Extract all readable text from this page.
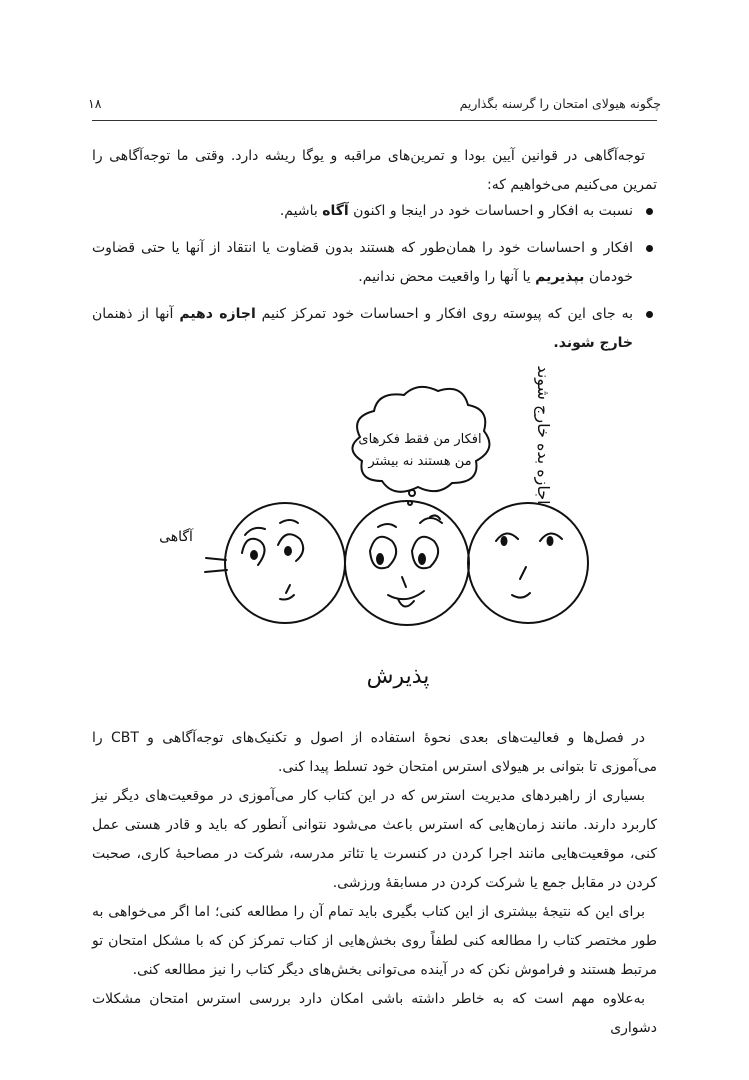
چگونه هیولای امتحان را گرسنه بگذاریم
۱۸

توجه‌آگاهی در قوانین آیین بودا و تمرین‌های مراقبه و یوگا ریشه دارد. وقتی ما توجه‌آگاهی را تمرین می‌کنیم می‌خواهیم که:

نسبت به افکار و احساسات خود در اینجا و اکنون آگاه باشیم.
افکار و احساسات خود را همان‌طور که هستند بدون قضاوت یا انتقاد از آنها یا حتی قضاوت خودمان بپذیریم یا آنها را واقعیت محض ندانیم.
به جای این که پیوسته روی افکار و احساسات خود تمرکز کنیم اجازه دهیم آنها از ذهنمان خارج شوند.
افکار من فقط فکرهای
من هستند نه بیشتر
آگاهی
اجازه بده خارج شوند
پذیرش

در فصل‌ها و فعالیت‌های بعدی نحوهٔ استفاده از اصول و تکنیک‌های توجه‌آگاهی و CBT را می‌آموزی تا بتوانی بر هیولای استرس امتحان خود تسلط پیدا کنی.

بسیاری از راهبردهای مدیریت استرس که در این کتاب کار می‌آموزی در موقعیت‌های دیگر نیز کاربرد دارند. مانند زمان‌هایی که استرس باعث می‌شود نتوانی آنطور که باید و قادر هستی عمل کنی، موقعیت‌هایی مانند اجرا کردن در کنسرت یا تئاتر مدرسه، شرکت در مصاحبهٔ کاری، صحبت کردن در مقابل جمع یا شرکت کردن در مسابقهٔ ورزشی.

برای این که نتیجهٔ بیشتری از این کتاب بگیری باید تمام آن را مطالعه کنی؛ اما اگر می‌خواهی به طور مختصر کتاب را مطالعه کنی لطفاً روی بخش‌هایی از کتاب تمرکز کن که با مشکل امتحان تو مرتبط هستند و فراموش نکن که در آینده می‌توانی بخش‌های دیگر کتاب را نیز مطالعه کنی.

به‌علاوه مهم است که به خاطر داشته باشی امکان دارد بررسی استرس امتحان مشکلات دشواری
